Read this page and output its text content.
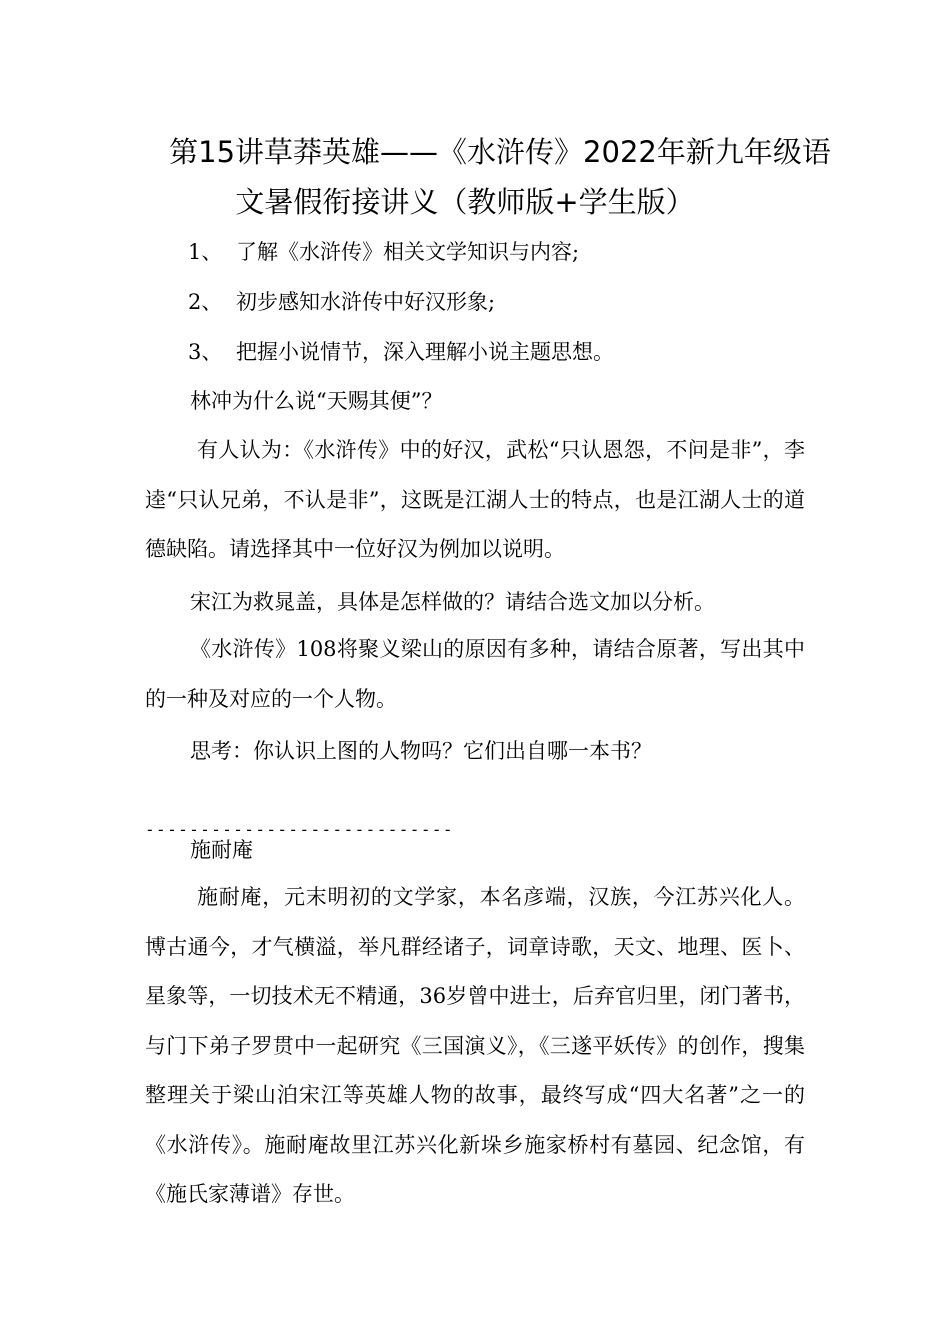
第15讲草莽英雄——《水浒传》2022年新九年级语
文暑假衔接讲义（教师版+学生版）
1、 了解《水浒传》相关文学知识与内容;
2、 初步感知水浒传中好汉形象;
3、 把握小说情节，深入理解小说主题思想。
林冲为什么说“天赐其便”？
有人认为：《水浒传》中的好汉，武松“只认恩怨，不问是非”，李逵“只认兄弟，不认是非”，这既是江湖人士的特点，也是江湖人士的道德缺陷。请选择其中一位好汉为例加以说明。
宋江为救晁盖，具体是怎样做的？请结合选文加以分析。
《水浒传》108将聚义梁山的原因有多种，请结合原著，写出其中的一种及对应的一个人物。
思考：你认识上图的人物吗？它们出自哪一本书？
----------------------------
施耐庵
施耐庵，元末明初的文学家，本名彦端，汉族，今江苏兴化人。博古通今，才气横溢，举凡群经诸子，词章诗歌，天文、地理、医卜、星象等，一切技术无不精通，36岁曾中进士，后弃官归里，闭门著书，与门下弟子罗贯中一起研究《三国演义》，《三遂平妖传》的创作，搜集整理关于梁山泊宋江等英雄人物的故事，最终写成“四大名著”之一的《水浒传》。施耐庵故里江苏兴化新垛乡施家桥村有墓园、纪念馆，有《施氏家薄谱》存世。
